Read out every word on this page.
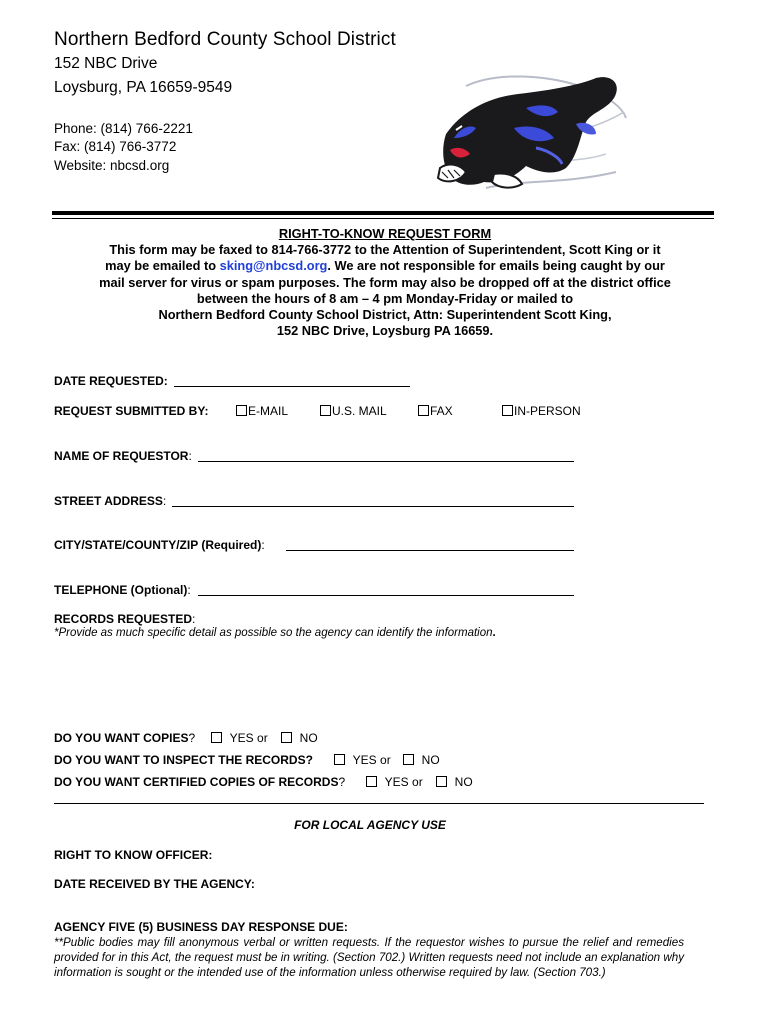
Northern Bedford County School District
152 NBC Drive
Loysburg, PA 16659-9549
Phone: (814) 766-2221
Fax: (814) 766-3772
Website: nbcsd.org
RIGHT-TO-KNOW REQUEST FORM
This form may be faxed to 814-766-3772 to the Attention of Superintendent, Scott King or it
may be emailed to sking@nbcsd.org. We are not responsible for emails being caught by our
mail server for virus or spam purposes. The form may also be dropped off at the district office
between the hours of 8 am – 4 pm Monday-Friday or mailed to
Northern Bedford County School District, Attn: Superintendent Scott King,
152 NBC Drive, Loysburg PA 16659.
DATE REQUESTED:
REQUEST SUBMITTED BY:	E-MAIL	U.S. MAIL	FAX	IN-PERSON
NAME OF REQUESTOR:
STREET ADDRESS:
CITY/STATE/COUNTY/ZIP (Required):
TELEPHONE (Optional):
RECORDS REQUESTED:
*Provide as much specific detail as possible so the agency can identify the information.
DO YOU WANT COPIES?	YES or	NO
DO YOU WANT TO INSPECT THE RECORDS?	YES or	NO
DO YOU WANT CERTIFIED COPIES OF RECORDS?	YES or	NO
FOR LOCAL AGENCY USE
RIGHT TO KNOW OFFICER:
DATE RECEIVED BY THE AGENCY:
AGENCY FIVE (5) BUSINESS DAY RESPONSE DUE:
**Public bodies may fill anonymous verbal or written requests. If the requestor wishes to pursue the relief and remedies provided for in this Act, the request must be in writing. (Section 702.) Written requests need not include an explanation why information is sought or the intended use of the information unless otherwise required by law. (Section 703.)
